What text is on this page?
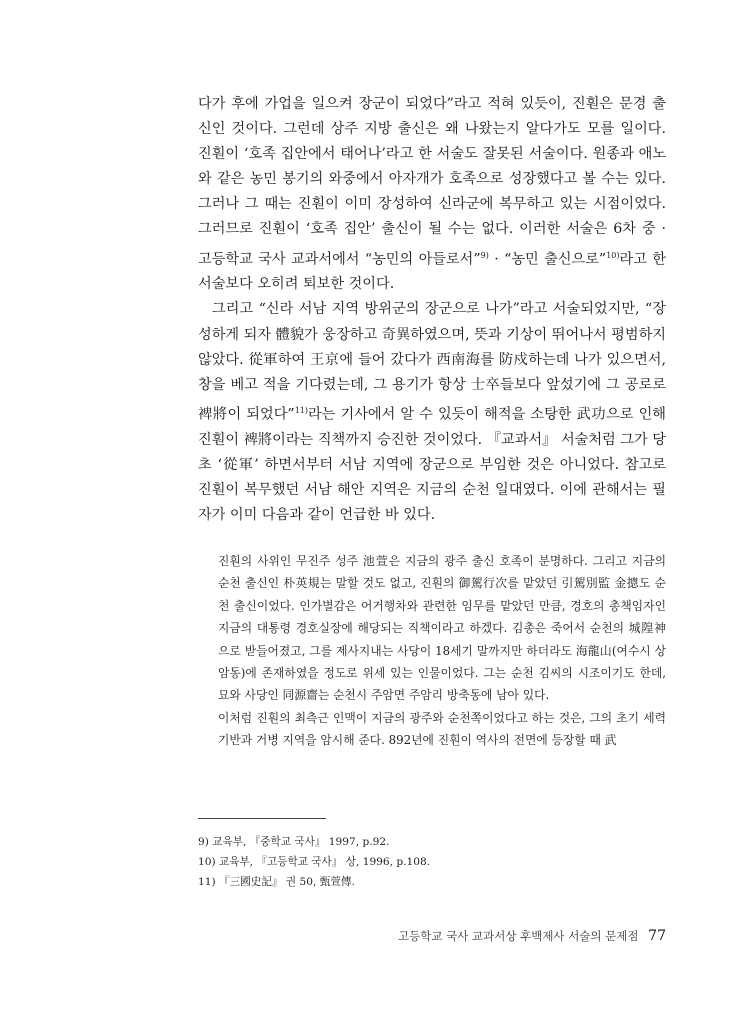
다가 후에 가업을 일으켜 장군이 되었다”라고 적혀 있듯이, 진훤은 문경 출신인 것이다. 그런데 상주 지방 출신은 왜 나왔는지 알다가도 모를 일이다. 진훤이 ‘호족 집안에서 태어나’라고 한 서술도 잘못된 서술이다. 원종과 애노와 같은 농민 봉기의 와중에서 아자개가 호족으로 성장했다고 볼 수는 있다. 그러나 그 때는 진훤이 이미 장성하여 신라군에 복무하고 있는 시점이었다. 그러므로 진훤이 ‘호족 집안’ 출신이 될 수는 없다. 이러한 서술은 6차 중 · 고등학교 국사 교과서에서 “농민의 아들로서”$^{9)}$ · “농민 출신으로”$^{10)}$라고 한 서술보다 오히려 퇴보한 것이다.

그리고 “신라 서남 지역 방위군의 장군으로 나가”라고 서술되었지만, “장성하게 되자 體貌가 웅장하고 奇異하였으며, 뜻과 기상이 뛰어나서 평범하지 않았다. 從軍하여 王京에 들어 갔다가 西南海를 防戍하는데 나가 있으면서, 창을 베고 적을 기다렸는데, 그 용기가 항상 士卒들보다 앞섰기에 그 공로로 裨將이 되었다”$^{11)}$라는 기사에서 알 수 있듯이 해적을 소탕한 武功으로 인해 진훤이 裨將이라는 직책까지 승진한 것이었다. 『교과서』 서술처럼 그가 당초 ‘從軍’ 하면서부터 서남 지역에 장군으로 부임한 것은 아니었다. 참고로 진훤이 복무했던 서남 해안 지역은 지금의 순천 일대였다. 이에 관해서는 필자가 이미 다음과 같이 언급한 바 있다.

진훤의 사위인 무진주 성주 池萱은 지금의 광주 출신 호족이 분명하다. 그리고 지금의 순천 출신인 朴英規는 말할 것도 없고, 진훤의 御駕行次를 맡았던 引駕別監 金摠도 순천 출신이었다. 인가별감은 어거행차와 관련한 임무를 맡았던 만큼, 경호의 총책임자인 지금의 대통령 경호실장에 해당되는 직책이라고 하겠다. 김총은 죽어서 순천의 城隍神으로 받들어졌고, 그를 제사지내는 사당이 18세기 말까지만 하더라도 海龍山(여수시 상암동)에 존재하였을 정도로 위세 있는 인물이었다. 그는 순천 김씨의 시조이기도 한데, 묘와 사당인 同源齋는 순천시 주암면 주암리 방축동에 남아 있다.

이처럼 진훤의 최측근 인맥이 지금의 광주와 순천쪽이었다고 하는 것은, 그의 초기 세력 기반과 거병 지역을 암시해 준다. 892년에 진훤이 역사의 전면에 등장할 때 武

9) 교육부, 『중학교 국사』 1997, p.92.
10) 교육부, 『고등학교 국사』 상, 1996, p.108.
11) 『三國史記』 권 50, 甄萱傳.
고등학교 국사 교과서상 후백제사 서술의 문제점 77
